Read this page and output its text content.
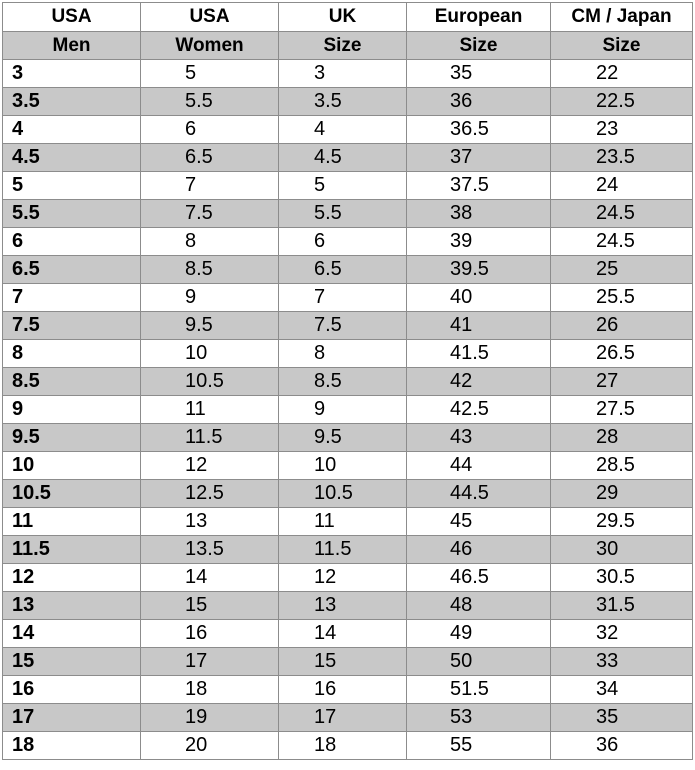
USA	USA	UK	European	CM / Japan
Men	Women	Size	Size	Size
3	5	3	35	22
3.5	5.5	3.5	36	22.5
4	6	4	36.5	23
4.5	6.5	4.5	37	23.5
5	7	5	37.5	24
5.5	7.5	5.5	38	24.5
6	8	6	39	24.5
6.5	8.5	6.5	39.5	25
7	9	7	40	25.5
7.5	9.5	7.5	41	26
8	10	8	41.5	26.5
8.5	10.5	8.5	42	27
9	11	9	42.5	27.5
9.5	11.5	9.5	43	28
10	12	10	44	28.5
10.5	12.5	10.5	44.5	29
11	13	11	45	29.5
11.5	13.5	11.5	46	30
12	14	12	46.5	30.5
13	15	13	48	31.5
14	16	14	49	32
15	17	15	50	33
16	18	16	51.5	34
17	19	17	53	35
18	20	18	55	36
